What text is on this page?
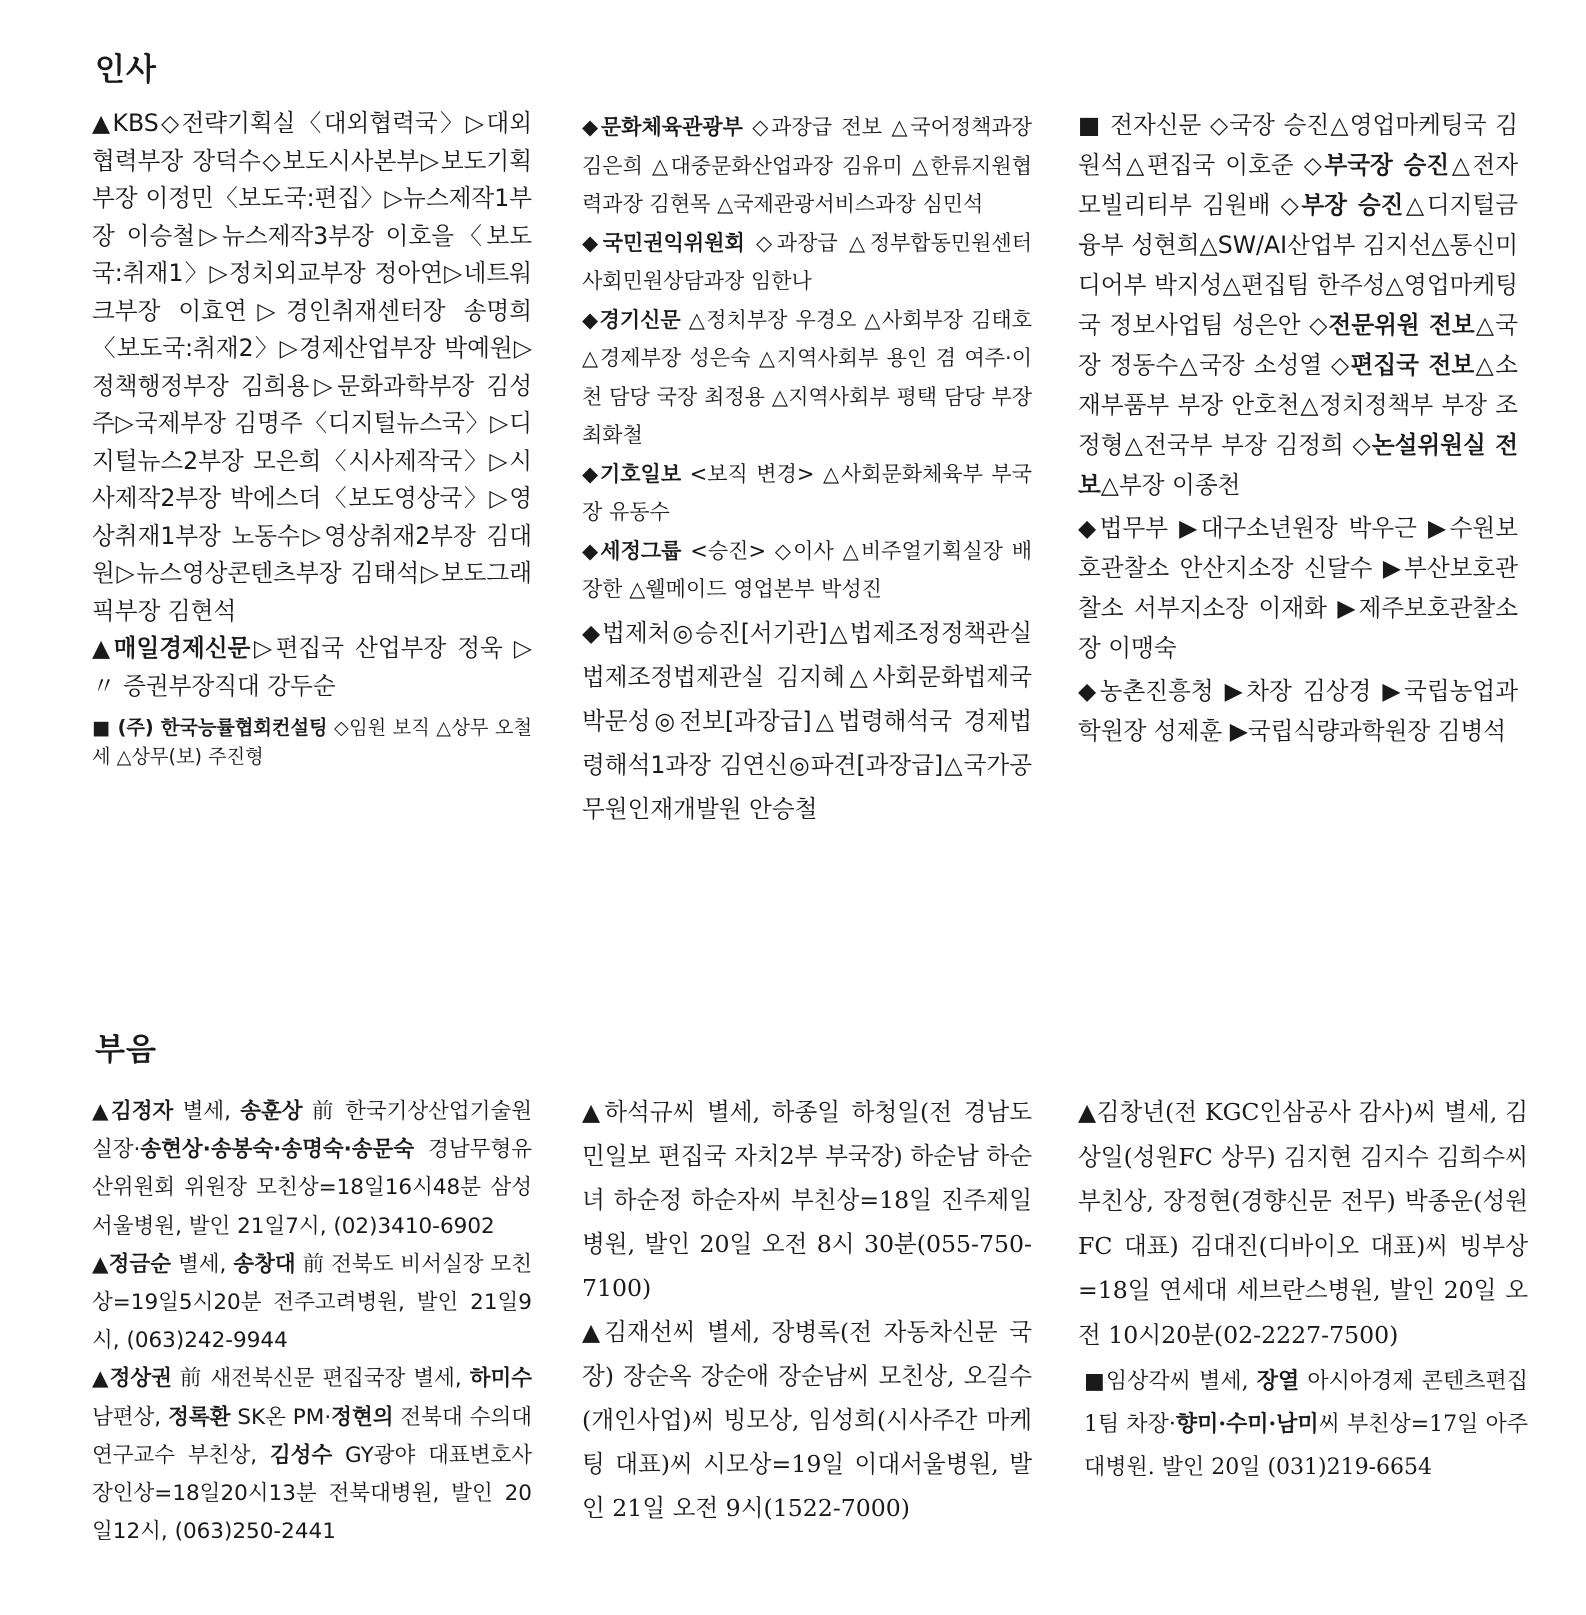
인사

▲KBS◇전략기획실〈대외협력국〉▷대외협력부장 장덕수◇보도시사본부▷보도기획부장 이정민〈보도국:편집〉▷뉴스제작1부장 이승철▷뉴스제작3부장 이호을〈보도국:취재1〉▷정치외교부장 정아연▷네트워크부장 이효연▷경인취재센터장 송명희〈보도국:취재2〉▷경제산업부장 박예원▷정책행정부장 김희용▷문화과학부장 김성주▷국제부장 김명주〈디지털뉴스국〉▷디지털뉴스2부장 모은희〈시사제작국〉▷시사제작2부장 박에스더〈보도영상국〉▷영상취재1부장 노동수▷영상취재2부장 김대원▷뉴스영상콘텐츠부장 김태석▷보도그래픽부장 김현석

▲매일경제신문▷편집국 산업부장 정욱 ▷〃 증권부장직대 강두순

■ (주) 한국능률협회컨설팅 ◇임원 보직 △상무 오철세 △상무(보) 주진형

◆문화체육관광부 ◇과장급 전보 △국어정책과장 김은희 △대중문화산업과장 김유미 △한류지원협력과장 김현목 △국제관광서비스과장 심민석

◆국민권익위원회 ◇과장급 △정부합동민원센터 사회민원상담과장 임한나

◆경기신문 △정치부장 우경오 △사회부장 김태호 △경제부장 성은숙 △지역사회부 용인 겸 여주·이천 담당 국장 최정용 △지역사회부 평택 담당 부장 최화철

◆기호일보 <보직 변경> △사회문화체육부 부국장 유동수

◆세정그룹 <승진> ◇이사 △비주얼기획실장 배장한 △웰메이드 영업본부 박성진

◆법제처◎승진[서기관]△법제조정정책관실 법제조정법제관실 김지혜△사회문화법제국 박문성◎전보[과장급]△법령해석국 경제법령해석1과장 김연신◎파견[과장급]△국가공무원인재개발원 안승철

■ 전자신문 ◇국장 승진△영업마케팅국 김원석△편집국 이호준 ◇부국장 승진△전자모빌리티부 김원배 ◇부장 승진△디지털금융부 성현희△SW/AI산업부 김지선△통신미디어부 박지성△편집팀 한주성△영업마케팅국 정보사업팀 성은안 ◇전문위원 전보△국장 정동수△국장 소성열 ◇편집국 전보△소재부품부 부장 안호천△정치정책부 부장 조정형△전국부 부장 김정희 ◇논설위원실 전보△부장 이종천

◆법무부 ▶대구소년원장 박우근 ▶수원보호관찰소 안산지소장 신달수 ▶부산보호관찰소 서부지소장 이재화 ▶제주보호관찰소장 이맹숙

◆농촌진흥청 ▶차장 김상경 ▶국립농업과학원장 성제훈 ▶국립식량과학원장 김병석

부음

▲김정자 별세, 송훈상 前 한국기상산업기술원 실장·송현상·송봉숙·송명숙·송문숙 경남무형유산위원회 위원장 모친상=18일16시48분 삼성서울병원, 발인 21일7시, (02)3410-6902

▲정금순 별세, 송창대 前 전북도 비서실장 모친상=19일5시20분 전주고려병원, 발인 21일9시, (063)242-9944

▲정상권 前 새전북신문 편집국장 별세, 하미수 남편상, 정록환 SK온 PM·정현의 전북대 수의대 연구교수 부친상, 김성수 GY광야 대표변호사 장인상=18일20시13분 전북대병원, 발인 20일12시, (063)250-2441

▲하석규씨 별세, 하종일 하청일(전 경남도민일보 편집국 자치2부 부국장) 하순남 하순녀 하순정 하순자씨 부친상=18일 진주제일병원, 발인 20일 오전 8시 30분(055-750-7100)

▲김재선씨 별세, 장병록(전 자동차신문 국장) 장순옥 장순애 장순남씨 모친상, 오길수(개인사업)씨 빙모상, 임성희(시사주간 마케팅 대표)씨 시모상=19일 이대서울병원, 발인 21일 오전 9시(1522-7000)

▲김창년(전 KGC인삼공사 감사)씨 별세, 김상일(성원FC 상무) 김지현 김지수 김희수씨 부친상, 장정현(경향신문 전무) 박종운(성원FC 대표) 김대진(디바이오 대표)씨 빙부상=18일 연세대 세브란스병원, 발인 20일 오전 10시20분(02-2227-7500)

■임상각씨 별세, 장열 아시아경제 콘텐츠편집1팀 차장·향미·수미·남미씨 부친상=17일 아주대병원. 발인 20일 (031)219-6654
